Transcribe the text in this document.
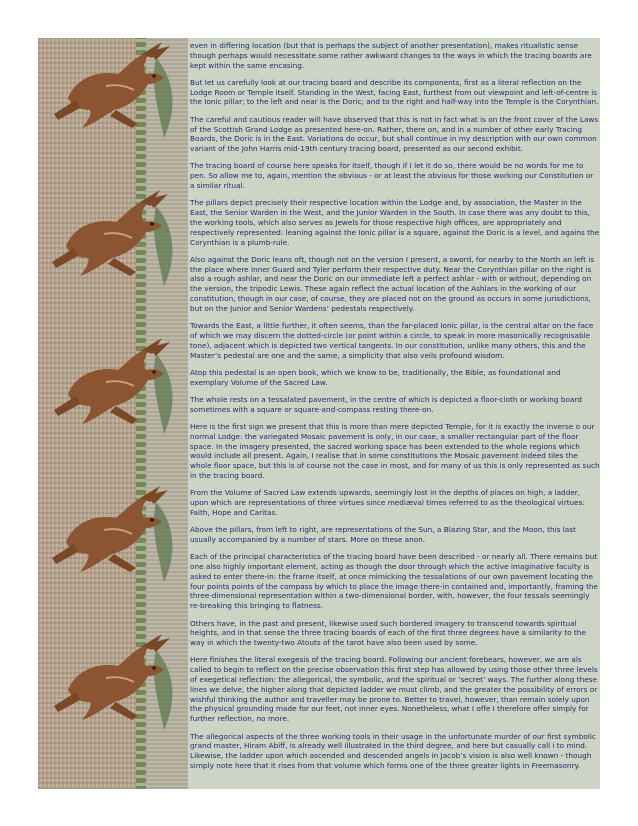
even in differing location (but that is perhaps the subject of another presentation), makes ritualistic sense though perhaps would necessitate some rather awkward changes to the ways in which the tracing boards are kept within the same encasing.

But let us carefully look at our tracing board and describe its components, first as a literal reflection on the Lodge Room or Temple itself. Standing in the West, facing East, furthest from out viewpoint and left-of-centre is the Ionic pillar; to the left and near is the Doric; and to the right and half-way into the Temple is the Corynthian.

The careful and cautious reader will have observed that this is not in fact what is on the front cover of the Laws of the Scottish Grand Lodge as presented here-on. Rather, there on, and in a number of other early Tracing Boards, the Doric is in the East. Variations do occur, but shall continue in my description with our own common variant of the John Harris mid-19th century tracing board, presented as our second exhibit.

The tracing board of course here speaks for itself, though if I let it do so, there would be no words for me to pen. So allow me to, again, mention the obvious - or at least the obvious for those working our Constitution or a similar ritual.

The pillars depict precisely their respective location within the Lodge and, by association, the Master in the East, the Senior Warden in the West, and the Junior Warden in the South. In case there was any doubt to this, the working tools, which also serves as Jewels for those respective high offices, are appropriately and respectively represented: leaning against the Ionic pillar is a square, against the Doric is a level, and agains the Corynthian is a plumb-rule.

Also against the Doric leans oft, though not on the version I present, a sword, for nearby to the North an left is the place where Inner Guard and Tyler perform their respective duty. Near the Corynthian pillar on the right is also a rough ashlar, and near the Doric on our immediate left a perfect ashlar - with or without, depending on the version, the tripodic Lewis. These again reflect the actual location of the Ashlars in the working of our constitution, though in our case, of course, they are placed not on the ground as occurs in some jurisdictions, but on the Junior and Senior Wardens’ pedestals respectively.

Towards the East, a little further, it often seems, than the far-placed Ionic pillar, is the central altar on the face of which we may discern the dotted-circle (or point within a circle, to speak in more masonically recognisable tone), adjacent which is depicted two vertical tangents. In our constitution, unlike many others, this and the Master’s pedestal are one and the same, a simplicity that also veils profound wisdom.

Atop this pedestal is an open book, which we know to be, traditionally, the Bible, as foundational and exemplary Volume of the Sacred Law.

The whole rests on a tessalated pavement, in the centre of which is depicted a floor-cloth or working board sometimes with a square or square-and-compass resting there-on.

Here is the first sign we present that this is more than mere depicted Temple, for it is exactly the inverse o our normal Lodge: the variegated Mosaic pavement is only, in our case, a smaller rectangular part of the floor space. In the imagery presented, the sacred working space has been extended to the whole regions which would include all present. Again, I realise that in some constitutions the Mosaic pavement indeed tiles the whole floor space, but this is of course not the case in most, and for many of us this is only represented as such in the tracing board.

From the Volume of Sacred Law extends upwards, seemingly lost in the depths of places on high, a ladder, upon which are representations of three virtues since mediæval times referred to as the theological virtues: Faith, Hope and Caritas.

Above the pillars, from left to right, are representations of the Sun, a Blazing Star, and the Moon, this last usually accompanied by a number of stars. More on these anon.

Each of the principal characteristics of the tracing board have been described - or nearly all. There remains but one also highly important element, acting as though the door through which the active imaginative faculty is asked to enter there-in: the frame itself, at once mimicking the tessalations of our own pavement locating the four points points of the compass by which to place the image there-in contained and, importantly, framing the three-dimensional representation within a two-dimensional border, with, however, the four tessals seemingly re-breaking this bringing to flatness.

Others have, in the past and present, likewise used such bordered imagery to transcend towards spiritual heights, and in that sense the three tracing boards of each of the first three degrees have a similarity to the way in which the twenty-two Atouts of the tarot have also been used by some.

Here finishes the literal exegesis of the tracing board. Following our ancient forebears, however, we are als called to begin to reflect on the precise observation this first step has allowed by using those other three levels of exegetical reflection: the allegorical, the symbolic, and the spiritual or ‘secret’ ways. The further along these lines we delve, the higher along that depicted ladder we must climb, and the greater the possibility of errors or wishful thinking the author and traveller may be prone to. Better to travel, however, than remain solely upon the physical grounding made for our feet, not inner eyes. Nonetheless, what I offe I therefore offer simply for further reflection, no more.

The allegorical aspects of the three working tools in their usage in the unfortunate murder of our first symbolic grand master, Hiram Abiff, is already well illustrated in the third degree, and here but casually call i to mind. Likewise, the ladder upon which ascended and descended angels in Jacob’s vision is also well known - though simply note here that it rises from that volume which forms one of the three greater lights in Freemasonry.
